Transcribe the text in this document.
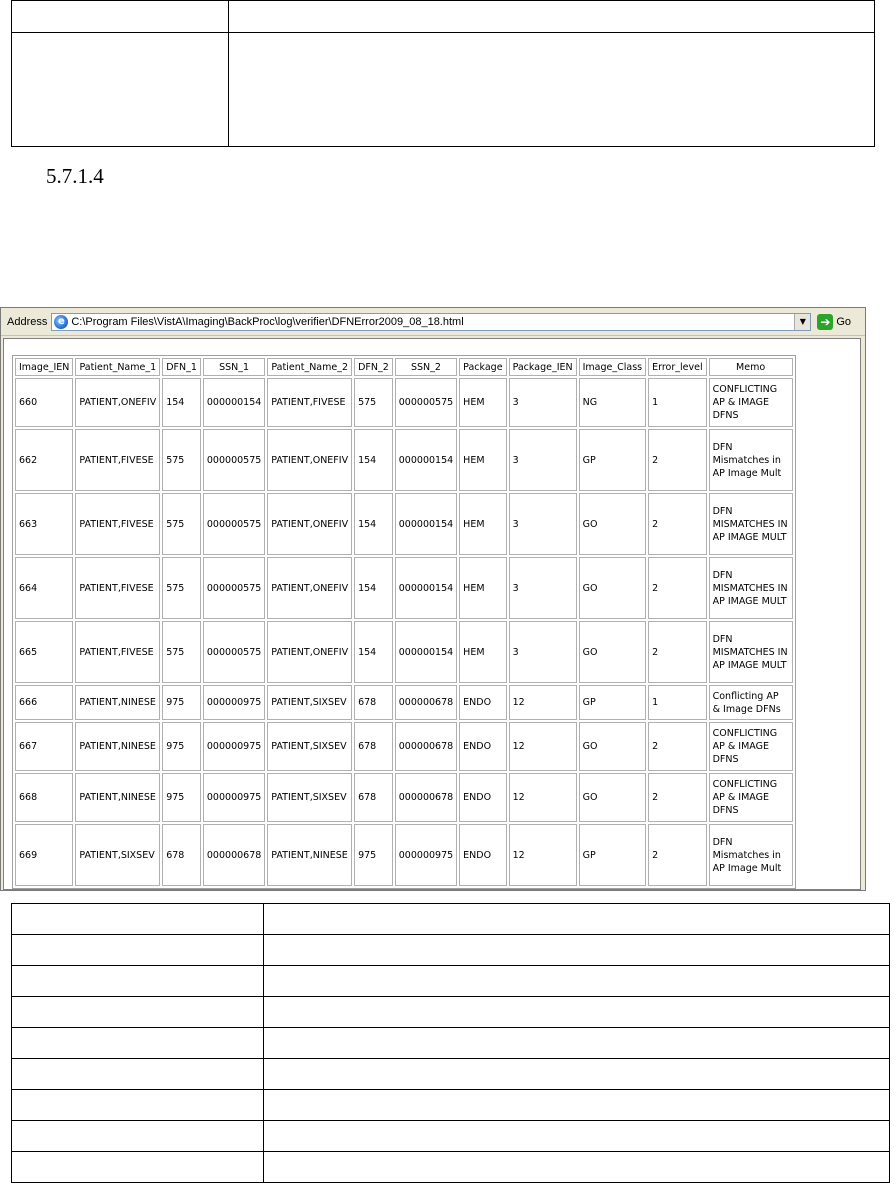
5.7.1.4
Address	e C:\Program Files\VistA\Imaging\BackProc\log\verifier\DFNError2009_08_18.html	▼	➔ Go
Image_IEN	Patient_Name_1	DFN_1	SSN_1	Patient_Name_2	DFN_2	SSN_2	Package	Package_IEN	Image_Class	Error_level	Memo
660	PATIENT,ONEFIV	154	000000154	PATIENT,FIVESE	575	000000575	HEM	3	NG	1	CONFLICTING AP & IMAGE DFNS
662	PATIENT,FIVESE	575	000000575	PATIENT,ONEFIV	154	000000154	HEM	3	GP	2	DFN Mismatches in AP Image Mult
663	PATIENT,FIVESE	575	000000575	PATIENT,ONEFIV	154	000000154	HEM	3	GO	2	DFN MISMATCHES IN AP IMAGE MULT
664	PATIENT,FIVESE	575	000000575	PATIENT,ONEFIV	154	000000154	HEM	3	GO	2	DFN MISMATCHES IN AP IMAGE MULT
665	PATIENT,FIVESE	575	000000575	PATIENT,ONEFIV	154	000000154	HEM	3	GO	2	DFN MISMATCHES IN AP IMAGE MULT
666	PATIENT,NINESE	975	000000975	PATIENT,SIXSEV	678	000000678	ENDO	12	GP	1	Conflicting AP & Image DFNs
667	PATIENT,NINESE	975	000000975	PATIENT,SIXSEV	678	000000678	ENDO	12	GO	2	CONFLICTING AP & IMAGE DFNS
668	PATIENT,NINESE	975	000000975	PATIENT,SIXSEV	678	000000678	ENDO	12	GO	2	CONFLICTING AP & IMAGE DFNS
669	PATIENT,SIXSEV	678	000000678	PATIENT,NINESE	975	000000975	ENDO	12	GP	2	DFN Mismatches in AP Image Mult
